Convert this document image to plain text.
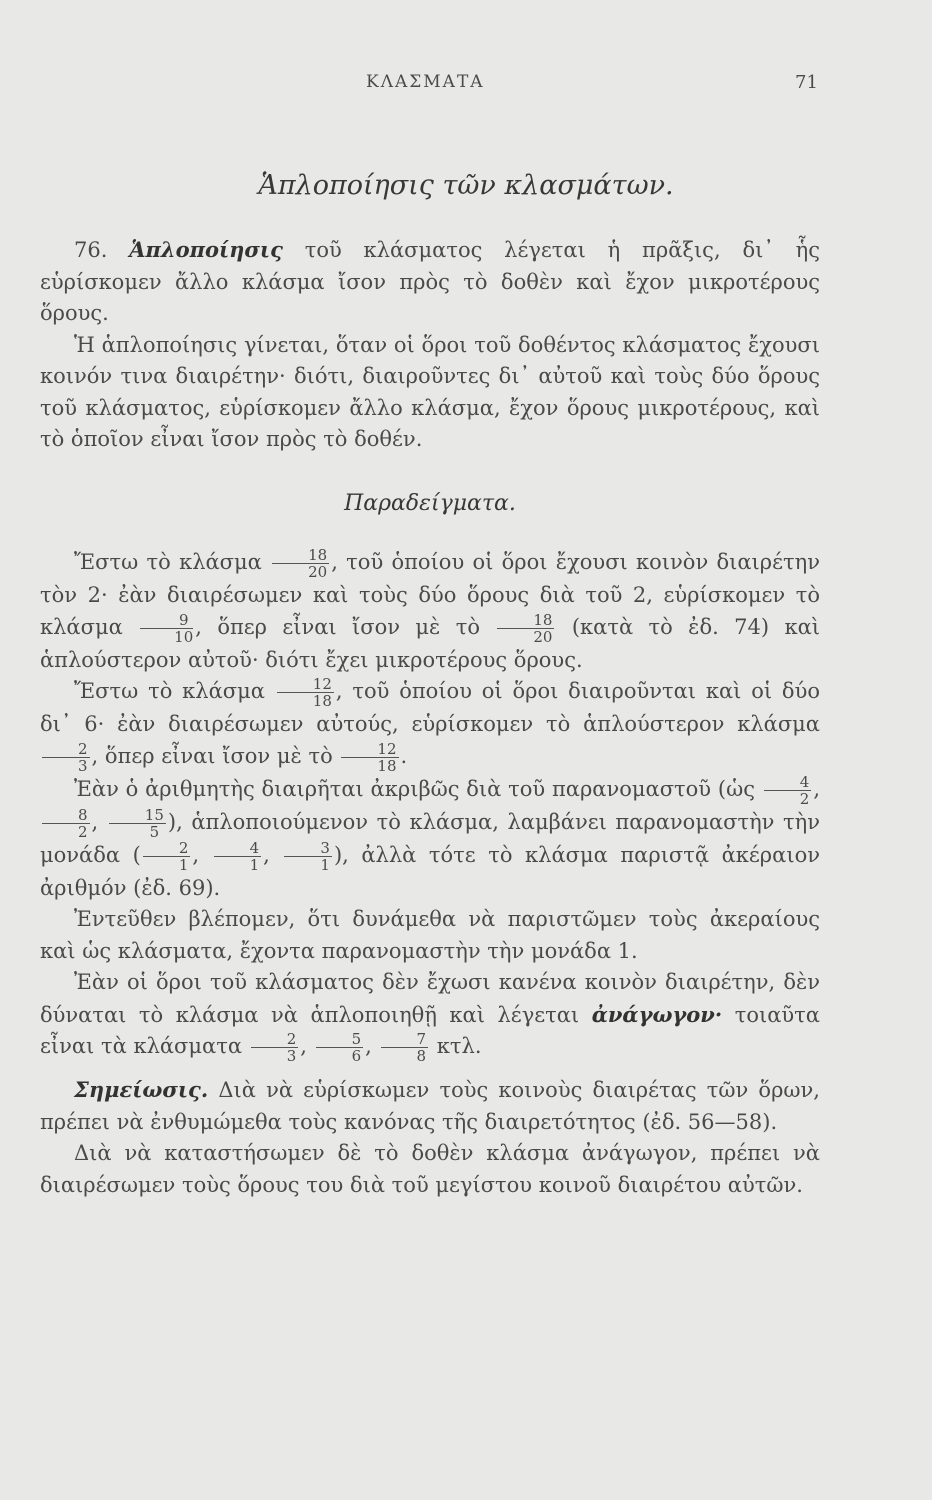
ΚΛΑΣΜΑΤΑ	71
Ἁπλοποίησις τῶν κλασμάτων.

76. Ἁπλοποίησις τοῦ κλάσματος λέγεται ἡ πρᾶξις, δι᾿ ἧς εὑρίσκομεν ἄλλο κλάσμα ἴσον πρὸς τὸ δοθὲν καὶ ἔχον μικροτέρους ὅρους.

Ἡ ἁπλοποίησις γίνεται, ὅταν οἱ ὅροι τοῦ δοθέντος κλάσματος ἔχουσι κοινόν τινα διαιρέτην· διότι, διαιροῦντες δι᾿ αὐτοῦ καὶ τοὺς δύο ὅρους τοῦ κλάσματος, εὑρίσκομεν ἄλλο κλάσμα, ἔχον ὅρους μικροτέρους, καὶ τὸ ὁποῖον εἶναι ἴσον πρὸς τὸ δοθέν.

Παραδείγματα.

Ἔστω τὸ κλάσμα $\frac{18}{20}$ , τοῦ ὁποίου οἱ ὅροι ἔχουσι κοινὸν διαιρέτην τὸν 2· ἐὰν διαιρέσωμεν καὶ τοὺς δύο ὅρους διὰ τοῦ 2, εὑρίσκομεν τὸ κλάσμα $\frac{9}{10}$ , ὅπερ εἶναι ἴσον μὲ τὸ $\frac{18}{20}$ (κατὰ τὸ ἐδ. 74) καὶ ἁπλούστερον αὐτοῦ· διότι ἔχει μικροτέρους ὅρους.

Ἔστω τὸ κλάσμα $\frac{12}{18}$ , τοῦ ὁποίου οἱ ὅροι διαιροῦνται καὶ οἱ δύο δι᾿ 6· ἐὰν διαιρέσωμεν αὐτούς, εὑρίσκομεν τὸ ἁπλούστερον κλάσμα
$\frac{2}{3}$ , ὅπερ εἶναι ἴσον μὲ τὸ $\frac{12}{18}$ .

Ἐὰν ὁ ἀριθμητὴς διαιρῆται ἀκριβῶς διὰ τοῦ παρανομαστοῦ (ὡς $\frac{4}{2}$ ,
$\frac{8}{2}$ , $\frac{15}{5}$ ), ἁπλοποιούμενον τὸ κλάσμα, λαμβάνει παρανομαστὴν τὴν μονάδα ( $\frac{2}{1}$ , $\frac{4}{1}$ , $\frac{3}{1}$ ), ἀλλὰ τότε τὸ κλάσμα παριστᾷ ἀκέραιον ἀριθμόν (ἐδ. 69).

Ἐντεῦθεν βλέπομεν, ὅτι δυνάμεθα νὰ παριστῶμεν τοὺς ἀκεραίους καὶ ὡς κλάσματα, ἔχοντα παρανομαστὴν τὴν μονάδα 1.

Ἐὰν οἱ ὅροι τοῦ κλάσματος δὲν ἔχωσι κανένα κοινὸν διαιρέτην, δὲν δύναται τὸ κλάσμα νὰ ἁπλοποιηθῇ καὶ λέγεται ἀνάγωγον· τοιαῦτα εἶναι τὰ κλάσματα $\frac{2}{3}$ , $\frac{5}{6}$ , $\frac{7}{8} \kappa\tau\lambda$.

Σημείωσις. Διὰ νὰ εὑρίσκωμεν τοὺς κοινοὺς διαιρέτας τῶν ὅρων, πρέπει νὰ ἐνθυμώμεθα τοὺς κανόνας τῆς διαιρετότητος (ἐδ. 56—58).

Διὰ νὰ καταστήσωμεν δὲ τὸ δοθὲν κλάσμα ἀνάγωγον, πρέπει νὰ διαιρέσωμεν τοὺς ὅρους του διὰ τοῦ μεγίστου κοινοῦ διαιρέτου αὐτῶν.
